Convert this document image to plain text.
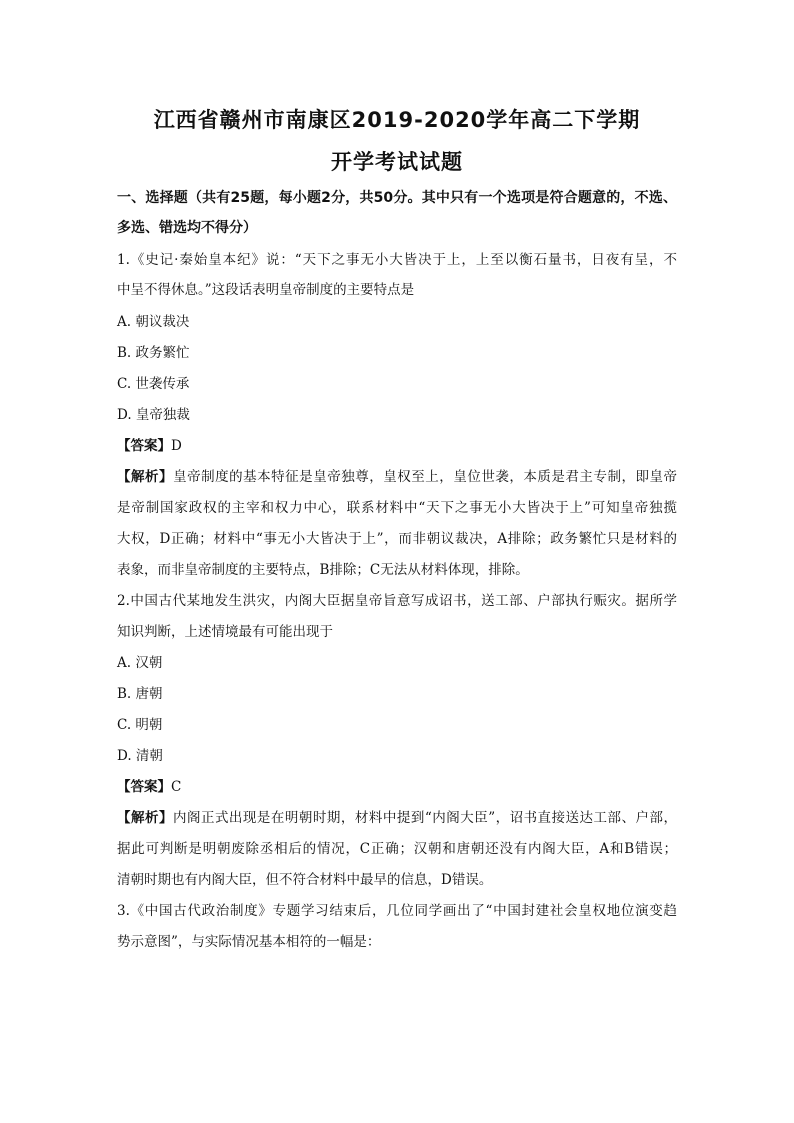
江西省赣州市南康区2019-2020学年高二下学期
开学考试试题
一、选择题（共有25题，每小题2分，共50分。其中只有一个选项是符合题意的，不选、
多选、错选均不得分）
1.《史记·秦始皇本纪》说：“天下之事无小大皆决于上，上至以衡石量书，日夜有呈，不
中呈不得休息。”这段话表明皇帝制度的主要特点是
A. 朝议裁决
B. 政务繁忙
C. 世袭传承
D. 皇帝独裁
【答案】D
【解析】皇帝制度的基本特征是皇帝独尊，皇权至上，皇位世袭，本质是君主专制，即皇帝
是帝制国家政权的主宰和权力中心，联系材料中“天下之事无小大皆决于上”可知皇帝独揽
大权，D正确；材料中“事无小大皆决于上”，而非朝议裁决，A排除；政务繁忙只是材料的
表象，而非皇帝制度的主要特点，B排除；C无法从材料体现，排除。
2.中国古代某地发生洪灾，内阁大臣据皇帝旨意写成诏书，送工部、户部执行赈灾。据所学
知识判断，上述情境最有可能出现于
A. 汉朝
B. 唐朝
C. 明朝
D. 清朝
【答案】C
【解析】内阁正式出现是在明朝时期，材料中提到“内阁大臣”，诏书直接送达工部、户部，
据此可判断是明朝废除丞相后的情况，C正确；汉朝和唐朝还没有内阁大臣，A和B错误；
清朝时期也有内阁大臣，但不符合材料中最早的信息，D错误。
3.《中国古代政治制度》专题学习结束后，几位同学画出了“中国封建社会皇权地位演变趋
势示意图”，与实际情况基本相符的一幅是：
